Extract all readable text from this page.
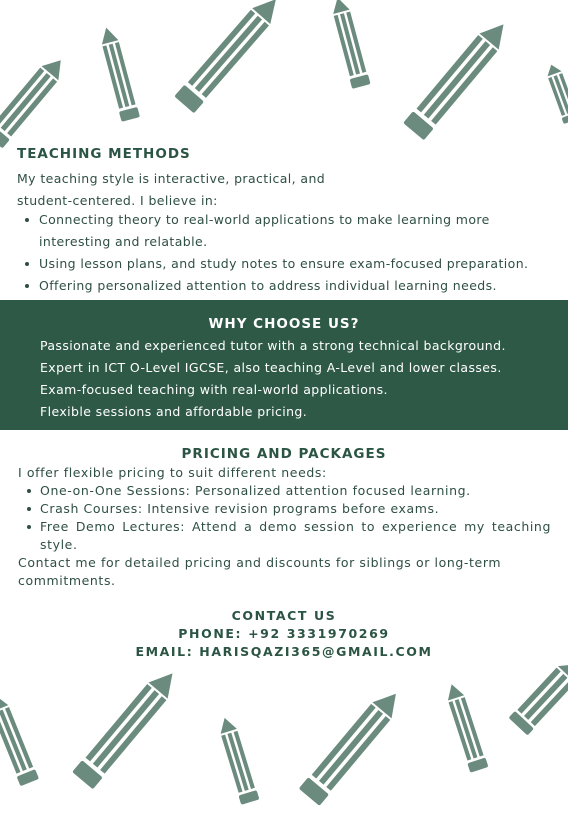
TEACHING METHODS
My teaching style is interactive, practical, and student-centered. I believe in:
Connecting theory to real-world applications to make learning more interesting and relatable.
Using lesson plans, and study notes to ensure exam-focused preparation.
Offering personalized attention to address individual learning needs.
WHY CHOOSE US?
Passionate and experienced tutor with a strong technical background.
Expert in ICT O-Level IGCSE, also teaching A-Level and lower classes.
Exam-focused teaching with real-world applications.
Flexible sessions and affordable pricing.
PRICING AND PACKAGES
I offer flexible pricing to suit different needs:
One-on-One Sessions: Personalized attention focused learning.
Crash Courses: Intensive revision programs before exams.
Free Demo Lectures: Attend a demo session to experience my teaching style.
Contact me for detailed pricing and discounts for siblings or long-term commitments.
CONTACT US
PHONE: +92 3331970269
EMAIL: HARISQAZI365@GMAIL.COM
